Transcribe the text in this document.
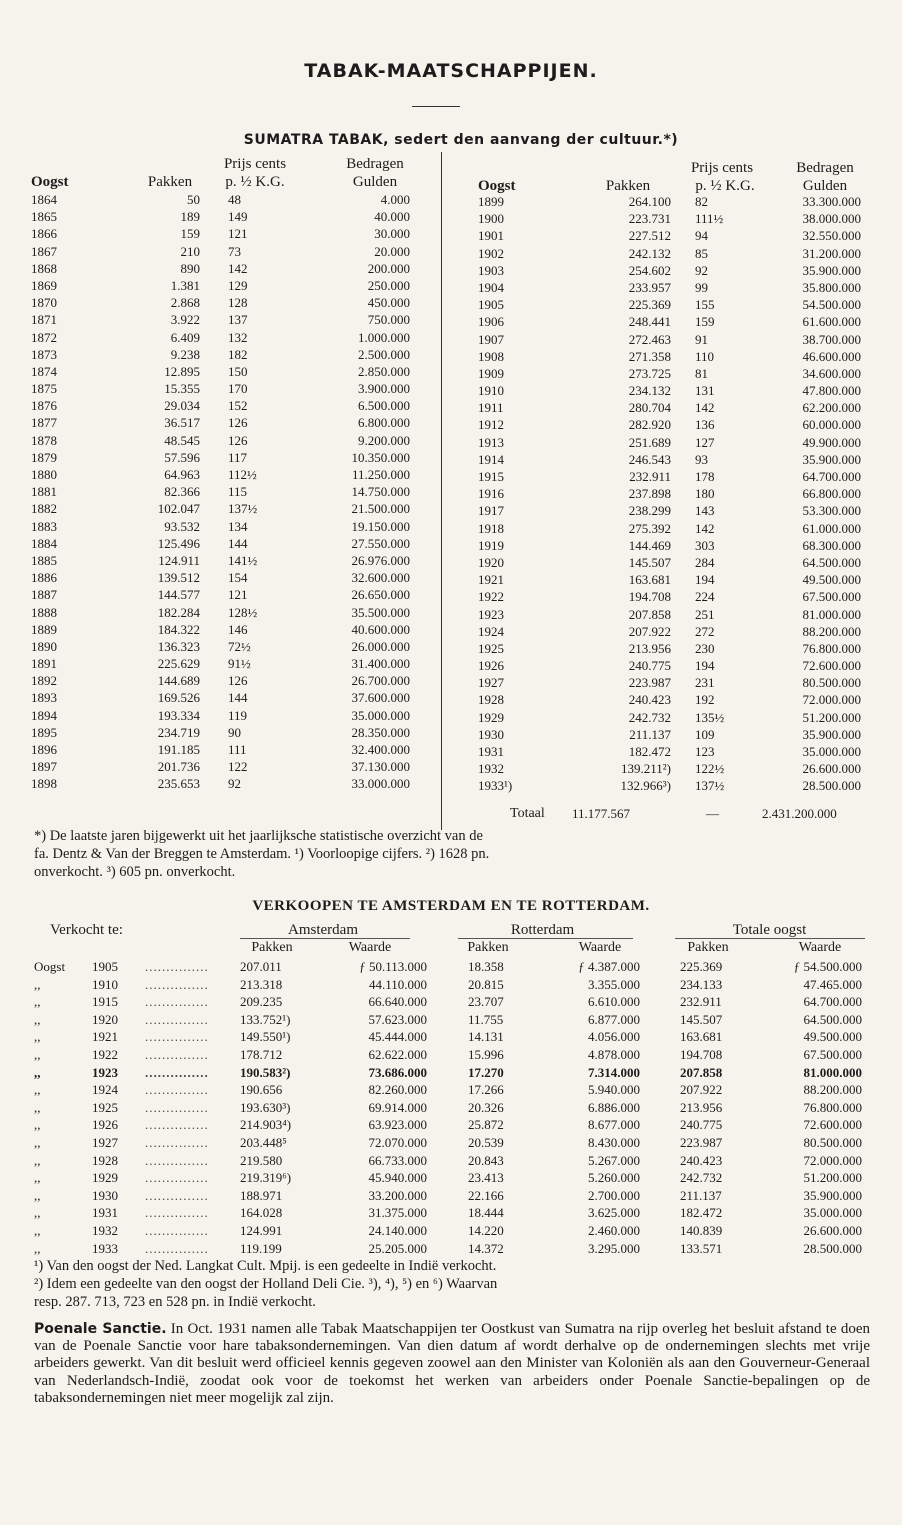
TABAK-MAATSCHAPPIJEN.
SUMATRA TABAK, sedert den aanvang der cultuur.*)
Prijs cents	Bedragen
Oogst	Pakken	p. ½ K.G.	Gulden
Prijs cents	Bedragen
Oogst	Pakken	p. ½ K.G.	Gulden
1864	50 48	4.000
1865	189 149	40.000
1866	159 121	30.000
1867	210 73	20.000
1868	890 142	200.000
1869	1.381 129	250.000
1870	2.868 128	450.000
1871	3.922 137	750.000
1872	6.409 132	1.000.000
1873	9.238 182	2.500.000
1874	12.895 150	2.850.000
1875	15.355 170	3.900.000
1876	29.034 152	6.500.000
1877	36.517 126	6.800.000
1878	48.545 126	9.200.000
1879	57.596 117	10.350.000
1880	64.963 112½	11.250.000
1881	82.366 115	14.750.000
1882	102.047 137½	21.500.000
1883	93.532 134	19.150.000
1884	125.496 144	27.550.000
1885	124.911 141½	26.976.000
1886	139.512 154	32.600.000
1887	144.577 121	26.650.000
1888	182.284 128½	35.500.000
1889	184.322 146	40.600.000
1890	136.323 72½	26.000.000
1891	225.629 91½	31.400.000
1892	144.689 126	26.700.000
1893	169.526 144	37.600.000
1894	193.334 119	35.000.000
1895	234.719 90	28.350.000
1896	191.185 111	32.400.000
1897	201.736 122	37.130.000
1898	235.653 92	33.000.000
1899	264.100 82	33.300.000
1900	223.731 111½	38.000.000
1901	227.512 94	32.550.000
1902	242.132 85	31.200.000
1903	254.602 92	35.900.000
1904	233.957 99	35.800.000
1905	225.369 155	54.500.000
1906	248.441 159	61.600.000
1907	272.463 91	38.700.000
1908	271.358 110	46.600.000
1909	273.725 81	34.600.000
1910	234.132 131	47.800.000
1911	280.704 142	62.200.000
1912	282.920 136	60.000.000
1913	251.689 127	49.900.000
1914	246.543 93	35.900.000
1915	232.911 178	64.700.000
1916	237.898 180	66.800.000
1917	238.299 143	53.300.000
1918	275.392 142	61.000.000
1919	144.469 303	68.300.000
1920	145.507 284	64.500.000
1921	163.681 194	49.500.000
1922	194.708 224	67.500.000
1923	207.858 251	81.000.000
1924	207.922 272	88.200.000
1925	213.956 230	76.800.000
1926	240.775 194	72.600.000
1927	223.987 231	80.500.000
1928	240.423 192	72.000.000
1929	242.732 135½	51.200.000
1930	211.137 109	35.900.000
1931	182.472 123	35.000.000
1932	139.211²) 122½	26.600.000
1933¹)	132.966³) 137½	28.500.000
Totaal 11.177.567	—	2.431.200.000
*) De laatste jaren bijgewerkt uit het jaarlijksche statistische overzicht van de
fa. Dentz & Van der Breggen te Amsterdam. ¹) Voorloopige cijfers. ²) 1628 pn.
onverkocht. ³) 605 pn. onverkocht.
VERKOOPEN TE AMSTERDAM EN TE ROTTERDAM.
Verkocht te:	Amsterdam	Rotterdam	Totale oogst
Pakken	Waarde	Pakken	Waarde	Pakken	Waarde
Oogst	1905	...............	207.011	ƒ 50.113.000	18.358	ƒ 4.387.000	225.369	ƒ 54.500.000
,,	1910	...............	213.318	44.110.000	20.815	3.355.000	234.133	47.465.000
,,	1915	...............	209.235	66.640.000	23.707	6.610.000	232.911	64.700.000
,,	1920	...............	133.752¹)	57.623.000	11.755	6.877.000	145.507	64.500.000
,,	1921	...............	149.550¹)	45.444.000	14.131	4.056.000	163.681	49.500.000
,,	1922	...............	178.712	62.622.000	15.996	4.878.000	194.708	67.500.000
,,	1923	...............	190.583²)	73.686.000	17.270	7.314.000	207.858	81.000.000
,,	1924	...............	190.656	82.260.000	17.266	5.940.000	207.922	88.200.000
,,	1925	...............	193.630³)	69.914.000	20.326	6.886.000	213.956	76.800.000
,,	1926	...............	214.903⁴)	63.923.000	25.872	8.677.000	240.775	72.600.000
,,	1927	...............	203.448⁵	72.070.000	20.539	8.430.000	223.987	80.500.000
,,	1928	...............	219.580	66.733.000	20.843	5.267.000	240.423	72.000.000
,,	1929	...............	219.319⁶)	45.940.000	23.413	5.260.000	242.732	51.200.000
,,	1930	...............	188.971	33.200.000	22.166	2.700.000	211.137	35.900.000
,,	1931	...............	164.028	31.375.000	18.444	3.625.000	182.472	35.000.000
,,	1932	...............	124.991	24.140.000	14.220	2.460.000	140.839	26.600.000
,,	1933	...............	119.199	25.205.000	14.372	3.295.000	133.571	28.500.000
¹) Van den oogst der Ned. Langkat Cult. Mpij. is een gedeelte in Indië verkocht.
²) Idem een gedeelte van den oogst der Holland Deli Cie. ³), ⁴), ⁵) en ⁶) Waarvan
resp. 287. 713, 723 en 528 pn. in Indië verkocht.
Poenale Sanctie. In Oct. 1931 namen alle Tabak Maatschappijen ter Oostkust van Sumatra na rijp overleg het besluit afstand te doen van de Poenale Sanctie voor hare tabaksondernemingen. Van dien datum af wordt derhalve op de ondernemingen slechts met vrije arbeiders gewerkt. Van dit besluit werd officieel kennis gegeven zoowel aan den Minister van Koloniën als aan den Gouverneur-Generaal van Nederlandsch-Indië, zoodat ook voor de toekomst het werken van arbeiders onder Poenale Sanctie-bepalingen op de tabaksondernemingen niet meer mogelijk zal zijn.
